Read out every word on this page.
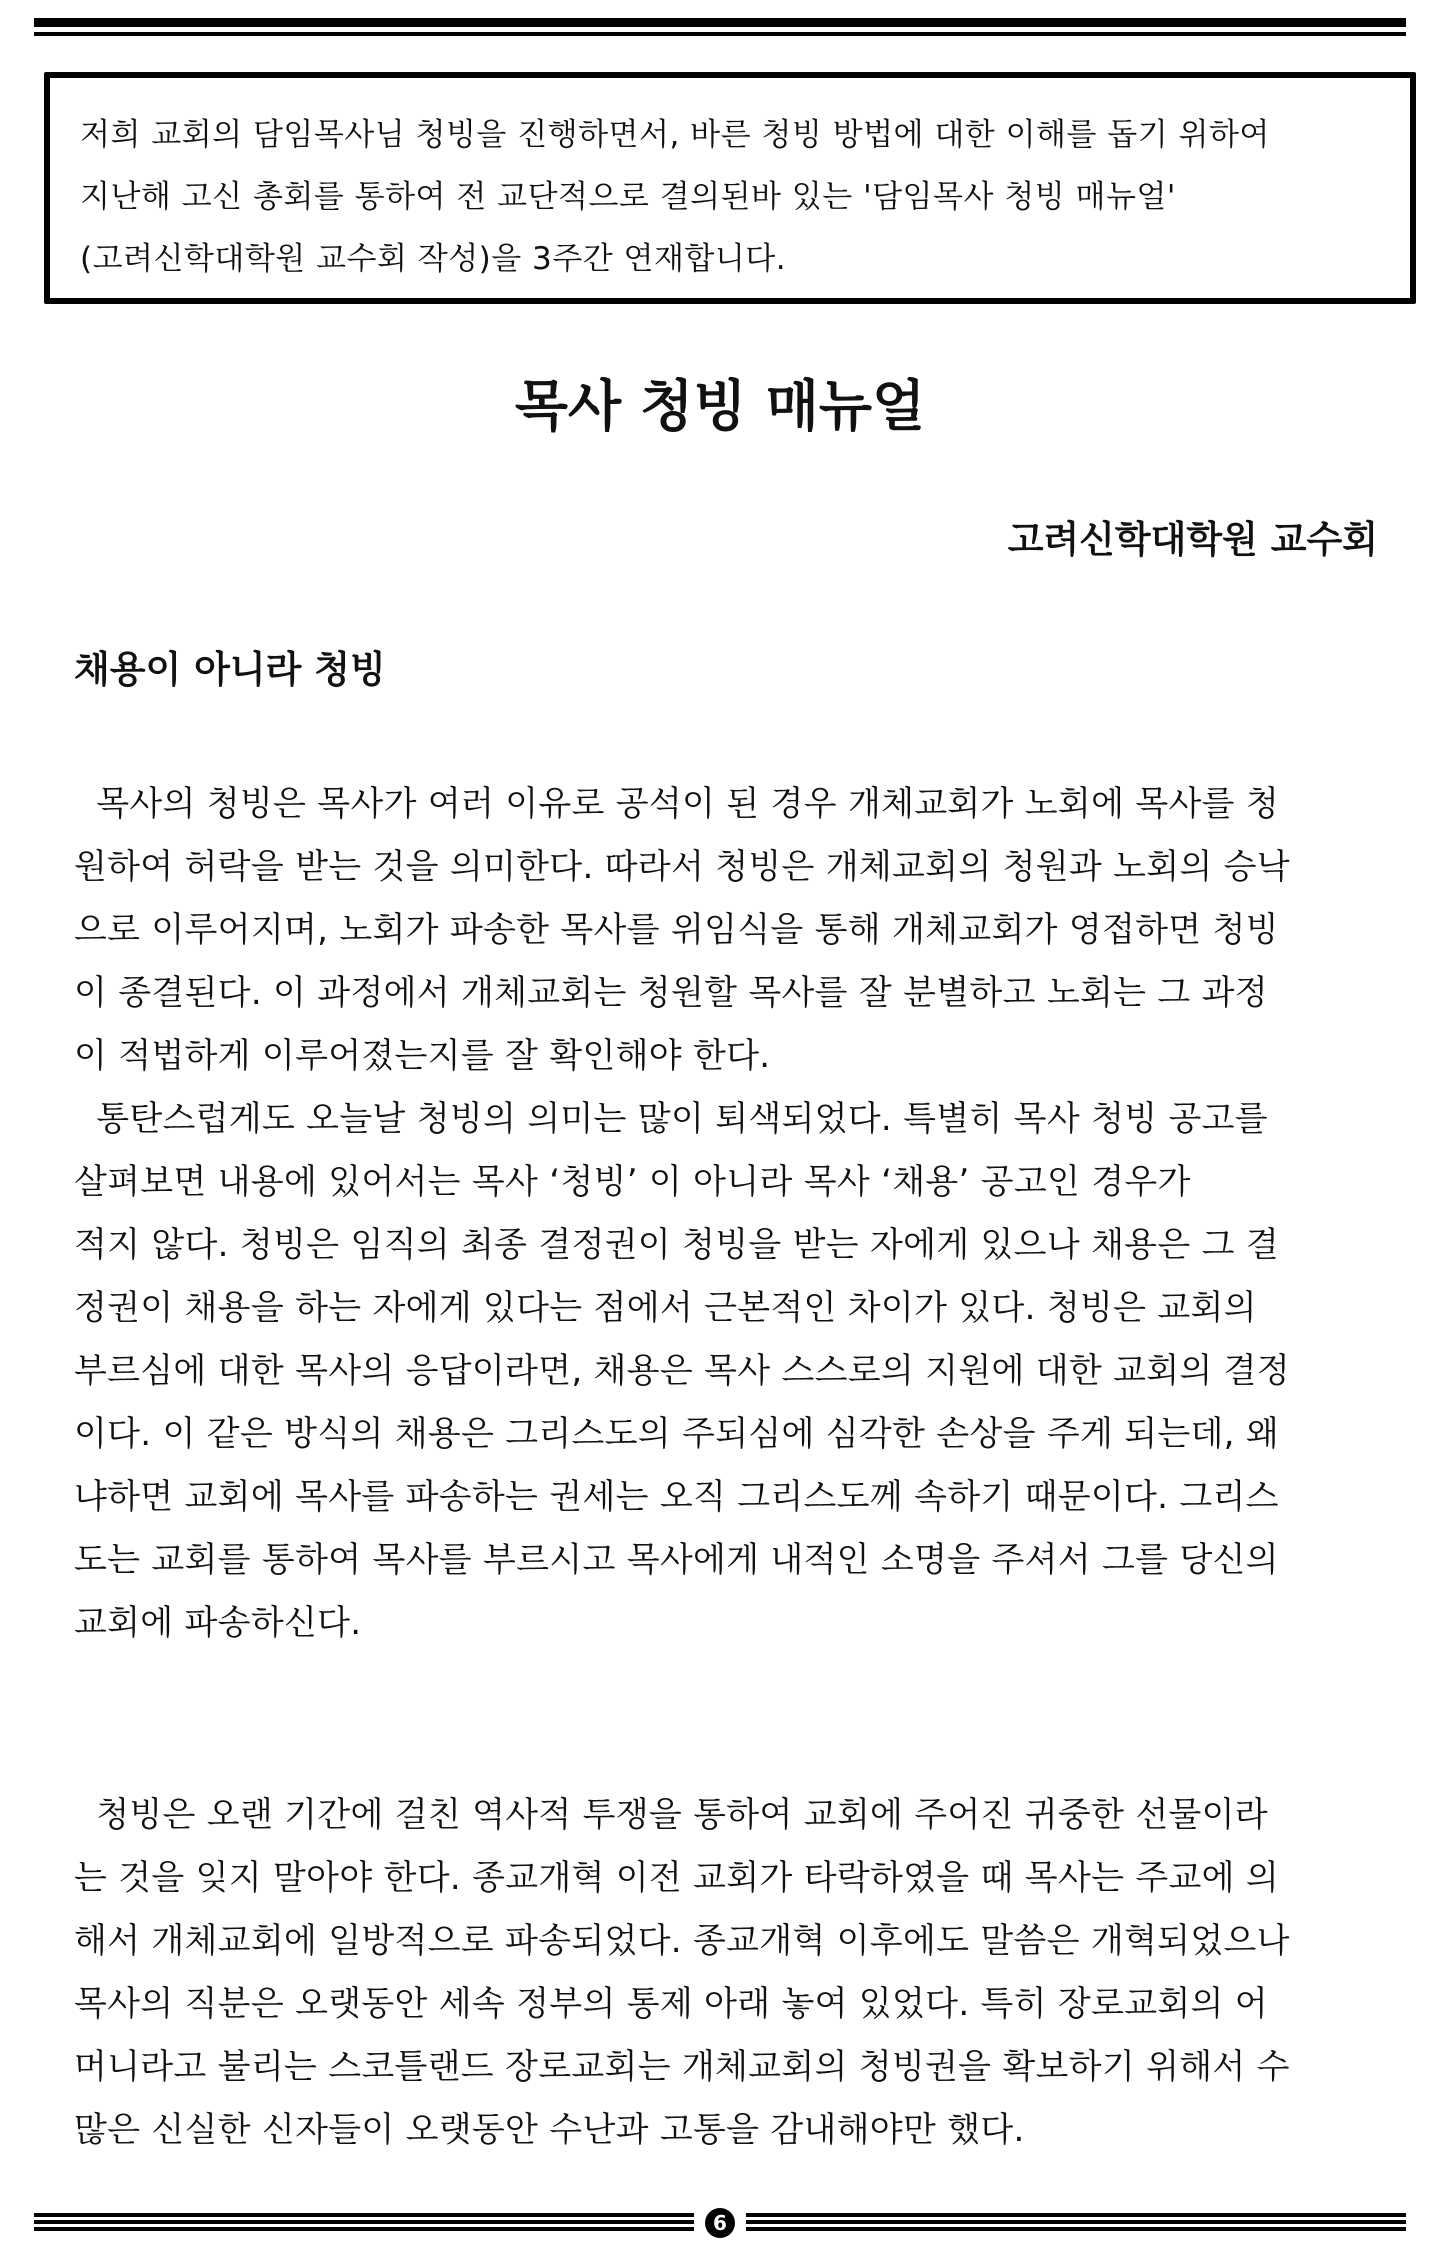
저희 교회의 담임목사님 청빙을 진행하면서, 바른 청빙 방법에 대한 이해를 돕기 위하여

지난해 고신 총회를 통하여 전 교단적으로 결의된바 있는 '담임목사 청빙 매뉴얼'

(고려신학대학원 교수회 작성)을 3주간 연재합니다.

목사 청빙 매뉴얼

고려신학대학원 교수회

채용이 아니라 청빙
목사의 청빙은 목사가 여러 이유로 공석이 된 경우 개체교회가 노회에 목사를 청
원하여 허락을 받는 것을 의미한다. 따라서 청빙은 개체교회의 청원과 노회의 승낙
으로 이루어지며, 노회가 파송한 목사를 위임식을 통해 개체교회가 영접하면 청빙
이 종결된다. 이 과정에서 개체교회는 청원할 목사를 잘 분별하고 노회는 그 과정
이 적법하게 이루어졌는지를 잘 확인해야 한다.
통탄스럽게도 오늘날 청빙의 의미는 많이 퇴색되었다. 특별히 목사 청빙 공고를
살펴보면 내용에 있어서는 목사 ‘청빙’ 이 아니라 목사 ‘채용’ 공고인 경우가
적지 않다. 청빙은 임직의 최종 결정권이 청빙을 받는 자에게 있으나 채용은 그 결
정권이 채용을 하는 자에게 있다는 점에서 근본적인 차이가 있다. 청빙은 교회의
부르심에 대한 목사의 응답이라면, 채용은 목사 스스로의 지원에 대한 교회의 결정
이다. 이 같은 방식의 채용은 그리스도의 주되심에 심각한 손상을 주게 되는데, 왜
냐하면 교회에 목사를 파송하는 권세는 오직 그리스도께 속하기 때문이다. 그리스
도는 교회를 통하여 목사를 부르시고 목사에게 내적인 소명을 주셔서 그를 당신의
교회에 파송하신다.
청빙은 오랜 기간에 걸친 역사적 투쟁을 통하여 교회에 주어진 귀중한 선물이라
는 것을 잊지 말아야 한다. 종교개혁 이전 교회가 타락하였을 때 목사는 주교에 의
해서 개체교회에 일방적으로 파송되었다. 종교개혁 이후에도 말씀은 개혁되었으나
목사의 직분은 오랫동안 세속 정부의 통제 아래 놓여 있었다. 특히 장로교회의 어
머니라고 불리는 스코틀랜드 장로교회는 개체교회의 청빙권을 확보하기 위해서 수
많은 신실한 신자들이 오랫동안 수난과 고통을 감내해야만 했다.
6
